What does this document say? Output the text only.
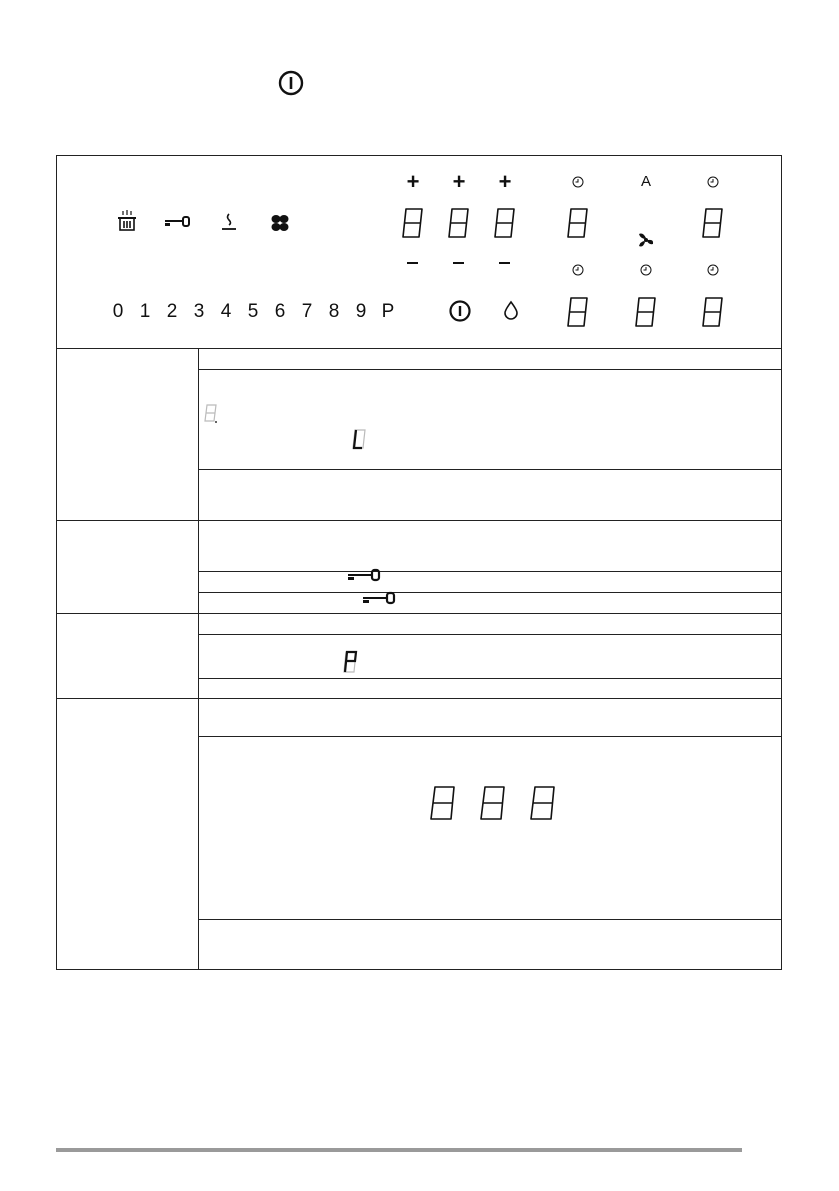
0 1 2 3 4 5 6 7 8 9 P
+ + +	A
